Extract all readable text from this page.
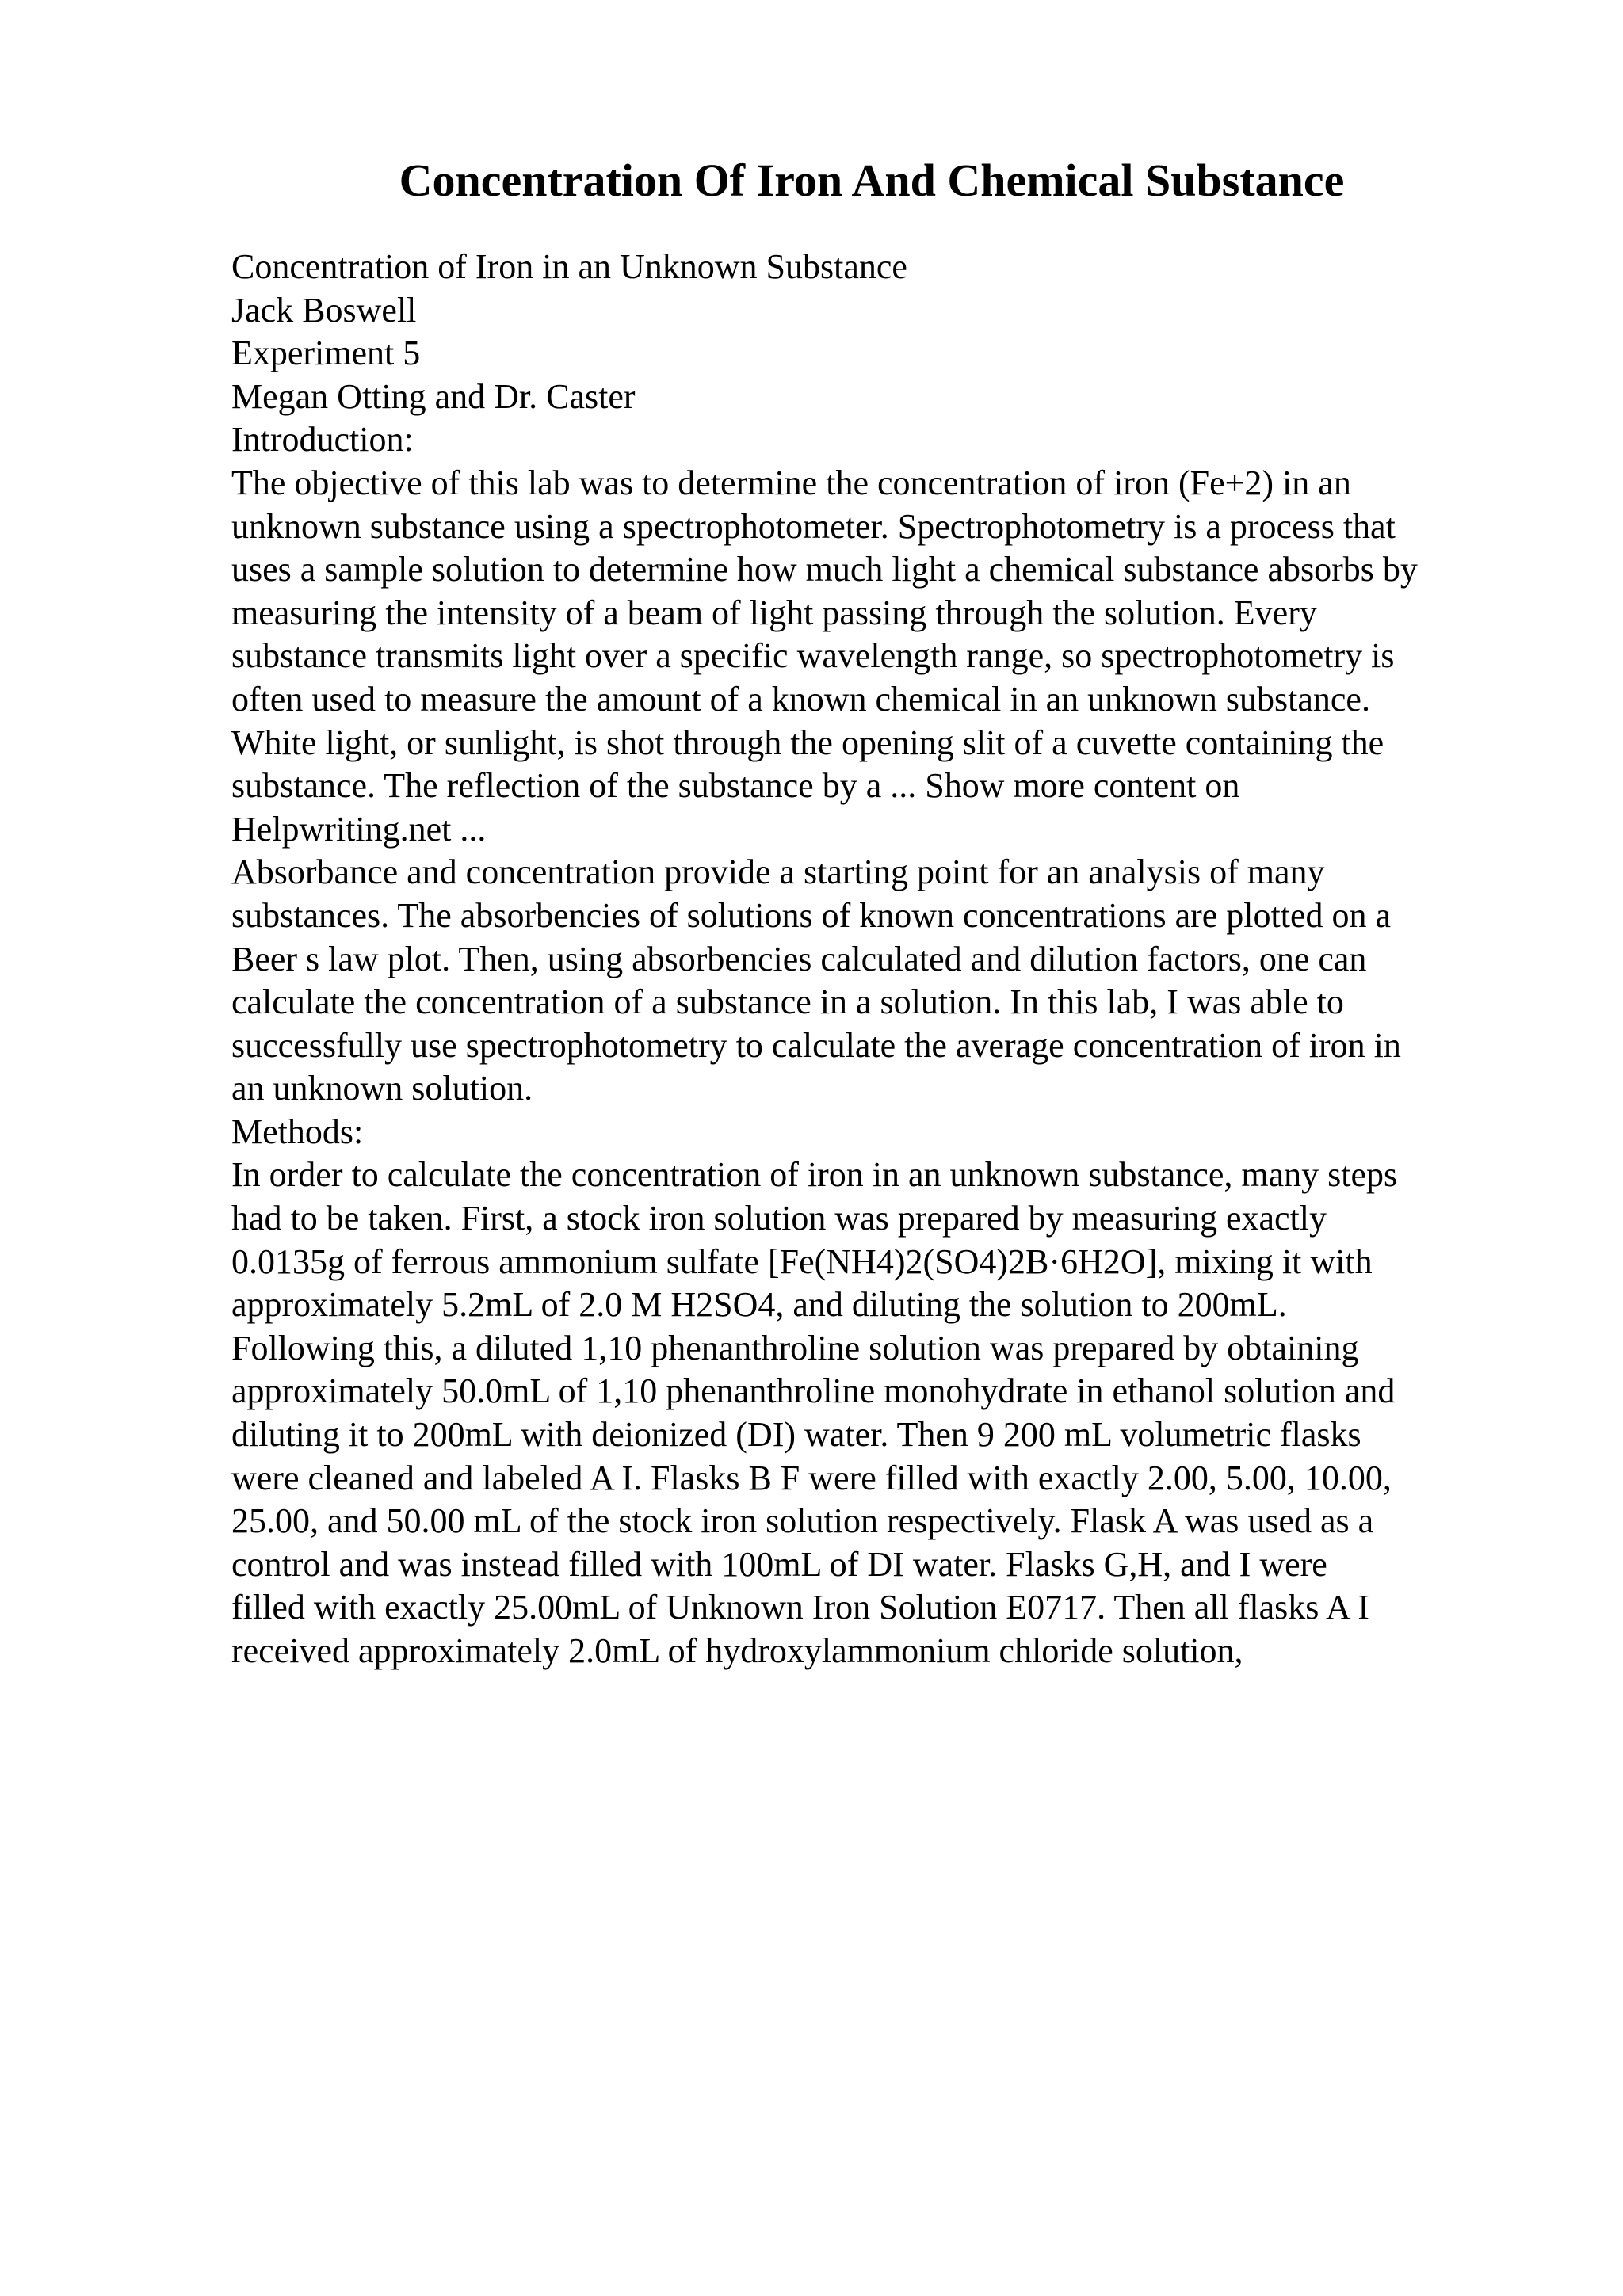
Concentration Of Iron And Chemical Substance
Concentration of Iron in an Unknown Substance
Jack Boswell
Experiment 5
Megan Otting and Dr. Caster
Introduction:
The objective of this lab was to determine the concentration of iron (Fe+2) in an
unknown substance using a spectrophotometer. Spectrophotometry is a process that
uses a sample solution to determine how much light a chemical substance absorbs by
measuring the intensity of a beam of light passing through the solution. Every
substance transmits light over a specific wavelength range, so spectrophotometry is
often used to measure the amount of a known chemical in an unknown substance.
White light, or sunlight, is shot through the opening slit of a cuvette containing the
substance. The reflection of the substance by a ... Show more content on
Helpwriting.net ...
Absorbance and concentration provide a starting point for an analysis of many
substances. The absorbencies of solutions of known concentrations are plotted on a
Beer s law plot. Then, using absorbencies calculated and dilution factors, one can
calculate the concentration of a substance in a solution. In this lab, I was able to
successfully use spectrophotometry to calculate the average concentration of iron in
an unknown solution.
Methods:
In order to calculate the concentration of iron in an unknown substance, many steps
had to be taken. First, a stock iron solution was prepared by measuring exactly
0.0135g of ferrous ammonium sulfate [Fe(NH4)2(SO4)2B·6H2O], mixing it with
approximately 5.2mL of 2.0 M H2SO4, and diluting the solution to 200mL.
Following this, a diluted 1,10 phenanthroline solution was prepared by obtaining
approximately 50.0mL of 1,10 phenanthroline monohydrate in ethanol solution and
diluting it to 200mL with deionized (DI) water. Then 9 200 mL volumetric flasks
were cleaned and labeled A I. Flasks B F were filled with exactly 2.00, 5.00, 10.00,
25.00, and 50.00 mL of the stock iron solution respectively. Flask A was used as a
control and was instead filled with 100mL of DI water. Flasks G,H, and I were
filled with exactly 25.00mL of Unknown Iron Solution E0717. Then all flasks A I
received approximately 2.0mL of hydroxylammonium chloride solution,
